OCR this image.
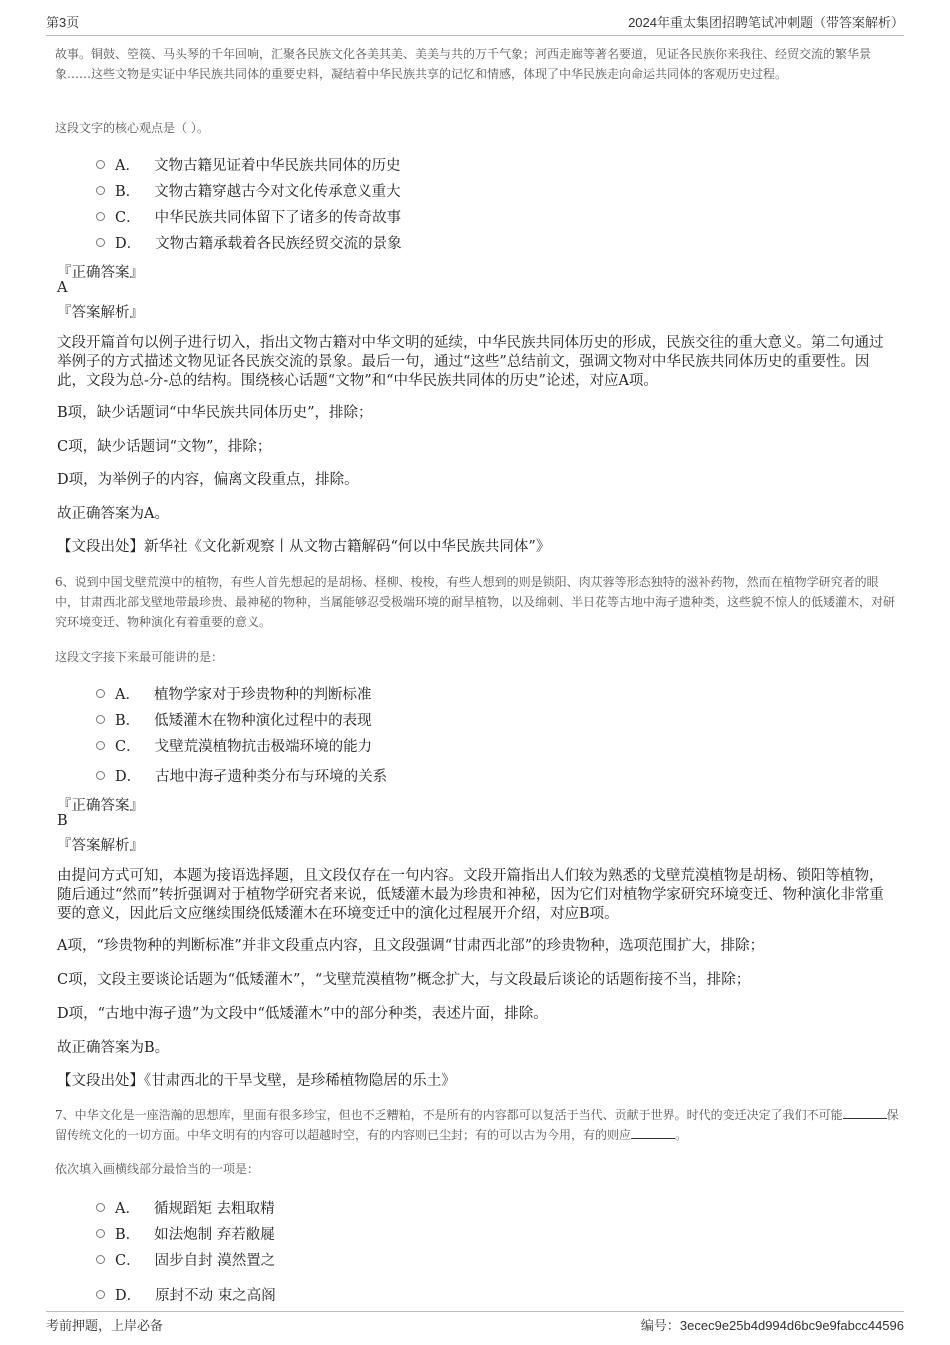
第3页	2024年重太集团招聘笔试冲刺题（带答案解析）
故事。铜鼓、箜篌、马头琴的千年回响，汇聚各民族文化各美其美、美美与共的万千气象；河西走廊等著名要道，见证各民族你来我往、经贸交流的繁华景象……这些文物是实证中华民族共同体的重要史料，凝结着中华民族共享的记忆和情感，体现了中华民族走向命运共同体的客观历史过程。
这段文字的核心观点是（ ）。
A． 文物古籍见证着中华民族共同体的历史
B． 文物古籍穿越古今对文化传承意义重大
C． 中华民族共同体留下了诸多的传奇故事
D． 文物古籍承载着各民族经贸交流的景象
『正确答案』
A
『答案解析』
文段开篇首句以例子进行切入，指出文物古籍对中华文明的延续，中华民族共同体历史的形成，民族交往的重大意义。第二句通过举例子的方式描述文物见证各民族交流的景象。最后一句，通过“这些”总结前文，强调文物对中华民族共同体历史的重要性。因此，文段为总-分-总的结构。围绕核心话题“文物”和“中华民族共同体的历史”论述，对应A项。
B项，缺少话题词“中华民族共同体历史”，排除；
C项，缺少话题词“文物”，排除；
D项，为举例子的内容，偏离文段重点，排除。
故正确答案为A。
【文段出处】新华社《文化新观察丨从文物古籍解码“何以中华民族共同体”》
6、说到中国戈壁荒漠中的植物，有些人首先想起的是胡杨、柽柳、梭梭，有些人想到的则是锁阳、肉苁蓉等形态独特的滋补药物，然而在植物学研究者的眼中，甘肃西北部戈壁地带最珍贵、最神秘的物种，当属能够忍受极端环境的耐旱植物，以及绵刺、半日花等古地中海孑遗种类，这些貌不惊人的低矮灌木，对研究环境变迁、物种演化有着重要的意义。
这段文字接下来最可能讲的是：
A． 植物学家对于珍贵物种的判断标准
B． 低矮灌木在物种演化过程中的表现
C． 戈壁荒漠植物抗击极端环境的能力
D． 古地中海孑遗种类分布与环境的关系
『正确答案』
B
『答案解析』
由提问方式可知，本题为接语选择题，且文段仅存在一句内容。文段开篇指出人们较为熟悉的戈壁荒漠植物是胡杨、锁阳等植物，随后通过“然而”转折强调对于植物学研究者来说，低矮灌木最为珍贵和神秘，因为它们对植物学家研究环境变迁、物种演化非常重要的意义，因此后文应继续围绕低矮灌木在环境变迁中的演化过程展开介绍，对应B项。
A项，“珍贵物种的判断标准”并非文段重点内容，且文段强调“甘肃西北部”的珍贵物种，选项范围扩大，排除；
C项，文段主要谈论话题为“低矮灌木”，“戈壁荒漠植物”概念扩大，与文段最后谈论的话题衔接不当，排除；
D项，“古地中海孑遗”为文段中“低矮灌木”中的部分种类，表述片面，排除。
故正确答案为B。
【文段出处】《甘肃西北的干旱戈壁，是珍稀植物隐居的乐土》
7、中华文化是一座浩瀚的思想库，里面有很多珍宝，但也不乏糟粕，不是所有的内容都可以复活于当代、贡献于世界。时代的变迁决定了我们不可能	保留传统文化的一切方面。中华文明有的内容可以超越时空，有的内容则已尘封；有的可以古为今用，有的则应	。
依次填入画横线部分最恰当的一项是：
A． 循规蹈矩 去粗取精
B． 如法炮制 弃若敝屣
C． 固步自封 漠然置之
D． 原封不动 束之高阁
考前押题，上岸必备	编号：3ecec9e25b4d994d6bc9e9fabcc44596
